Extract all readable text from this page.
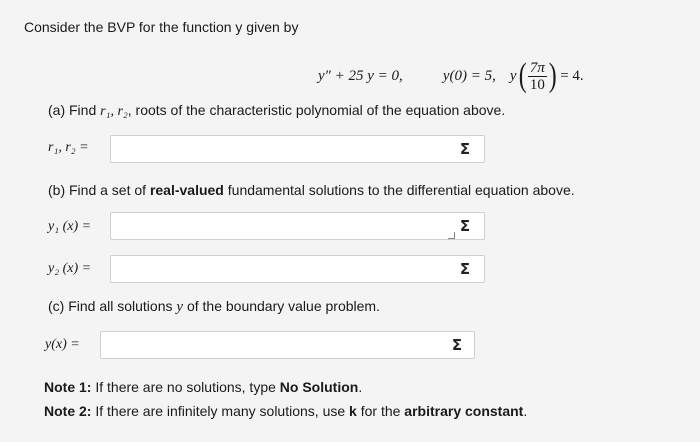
Consider the BVP for the function y given by
y″ + 25 y = 0,	y(0) = 5, y ( $\frac{7\pi}{10}$ ) = 4.
(a) Find r₁, r₂, roots of the characteristic polynomial of the equation above.
r₁, r₂ =	Σ
(b) Find a set of real-valued fundamental solutions to the differential equation above.
y₁ (x) =	Σ
y₂ (x) =	Σ
(c) Find all solutions y of the boundary value problem.
y(x) =	Σ
Note 1: If there are no solutions, type No Solution.
Note 2: If there are infinitely many solutions, use k for the arbitrary constant.
